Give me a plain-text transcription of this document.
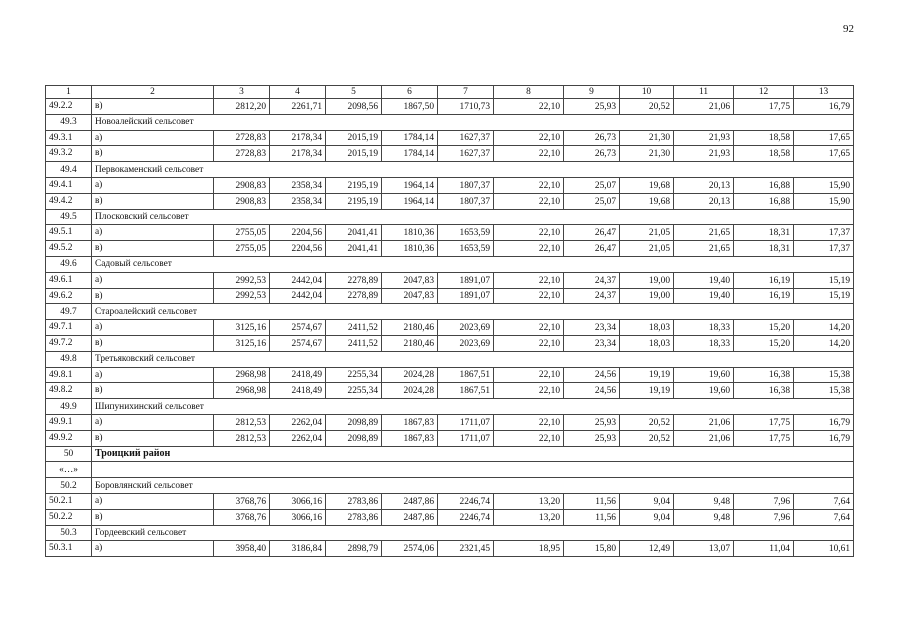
92
1	2	3	4	5	6	7	8	9	10	11	12	13
49.2.2	в)	2812,20	2261,71	2098,56	1867,50	1710,73	22,10	25,93	20,52	21,06	17,75	16,79
49.3	Новоалейский сельсовет											
49.3.1	а)	2728,83	2178,34	2015,19	1784,14	1627,37	22,10	26,73	21,30	21,93	18,58	17,65
49.3.2	в)	2728,83	2178,34	2015,19	1784,14	1627,37	22,10	26,73	21,30	21,93	18,58	17,65
49.4	Первокаменский сельсовет											
49.4.1	а)	2908,83	2358,34	2195,19	1964,14	1807,37	22,10	25,07	19,68	20,13	16,88	15,90
49.4.2	в)	2908,83	2358,34	2195,19	1964,14	1807,37	22,10	25,07	19,68	20,13	16,88	15,90
49.5	Плосковский сельсовет											
49.5.1	а)	2755,05	2204,56	2041,41	1810,36	1653,59	22,10	26,47	21,05	21,65	18,31	17,37
49.5.2	в)	2755,05	2204,56	2041,41	1810,36	1653,59	22,10	26,47	21,05	21,65	18,31	17,37
49.6	Садовый сельсовет											
49.6.1	а)	2992,53	2442,04	2278,89	2047,83	1891,07	22,10	24,37	19,00	19,40	16,19	15,19
49.6.2	в)	2992,53	2442,04	2278,89	2047,83	1891,07	22,10	24,37	19,00	19,40	16,19	15,19
49.7	Староалейский сельсовет											
49.7.1	а)	3125,16	2574,67	2411,52	2180,46	2023,69	22,10	23,34	18,03	18,33	15,20	14,20
49.7.2	в)	3125,16	2574,67	2411,52	2180,46	2023,69	22,10	23,34	18,03	18,33	15,20	14,20
49.8	Третьяковский сельсовет											
49.8.1	а)	2968,98	2418,49	2255,34	2024,28	1867,51	22,10	24,56	19,19	19,60	16,38	15,38
49.8.2	в)	2968,98	2418,49	2255,34	2024,28	1867,51	22,10	24,56	19,19	19,60	16,38	15,38
49.9	Шипунихинский сельсовет											
49.9.1	а)	2812,53	2262,04	2098,89	1867,83	1711,07	22,10	25,93	20,52	21,06	17,75	16,79
49.9.2	в)	2812,53	2262,04	2098,89	1867,83	1711,07	22,10	25,93	20,52	21,06	17,75	16,79
50	Троицкий район											
«…»												
50.2	Боровлянский сельсовет											
50.2.1	а)	3768,76	3066,16	2783,86	2487,86	2246,74	13,20	11,56	9,04	9,48	7,96	7,64
50.2.2	в)	3768,76	3066,16	2783,86	2487,86	2246,74	13,20	11,56	9,04	9,48	7,96	7,64
50.3	Гордеевский сельсовет											
50.3.1	а)	3958,40	3186,84	2898,79	2574,06	2321,45	18,95	15,80	12,49	13,07	11,04	10,61
